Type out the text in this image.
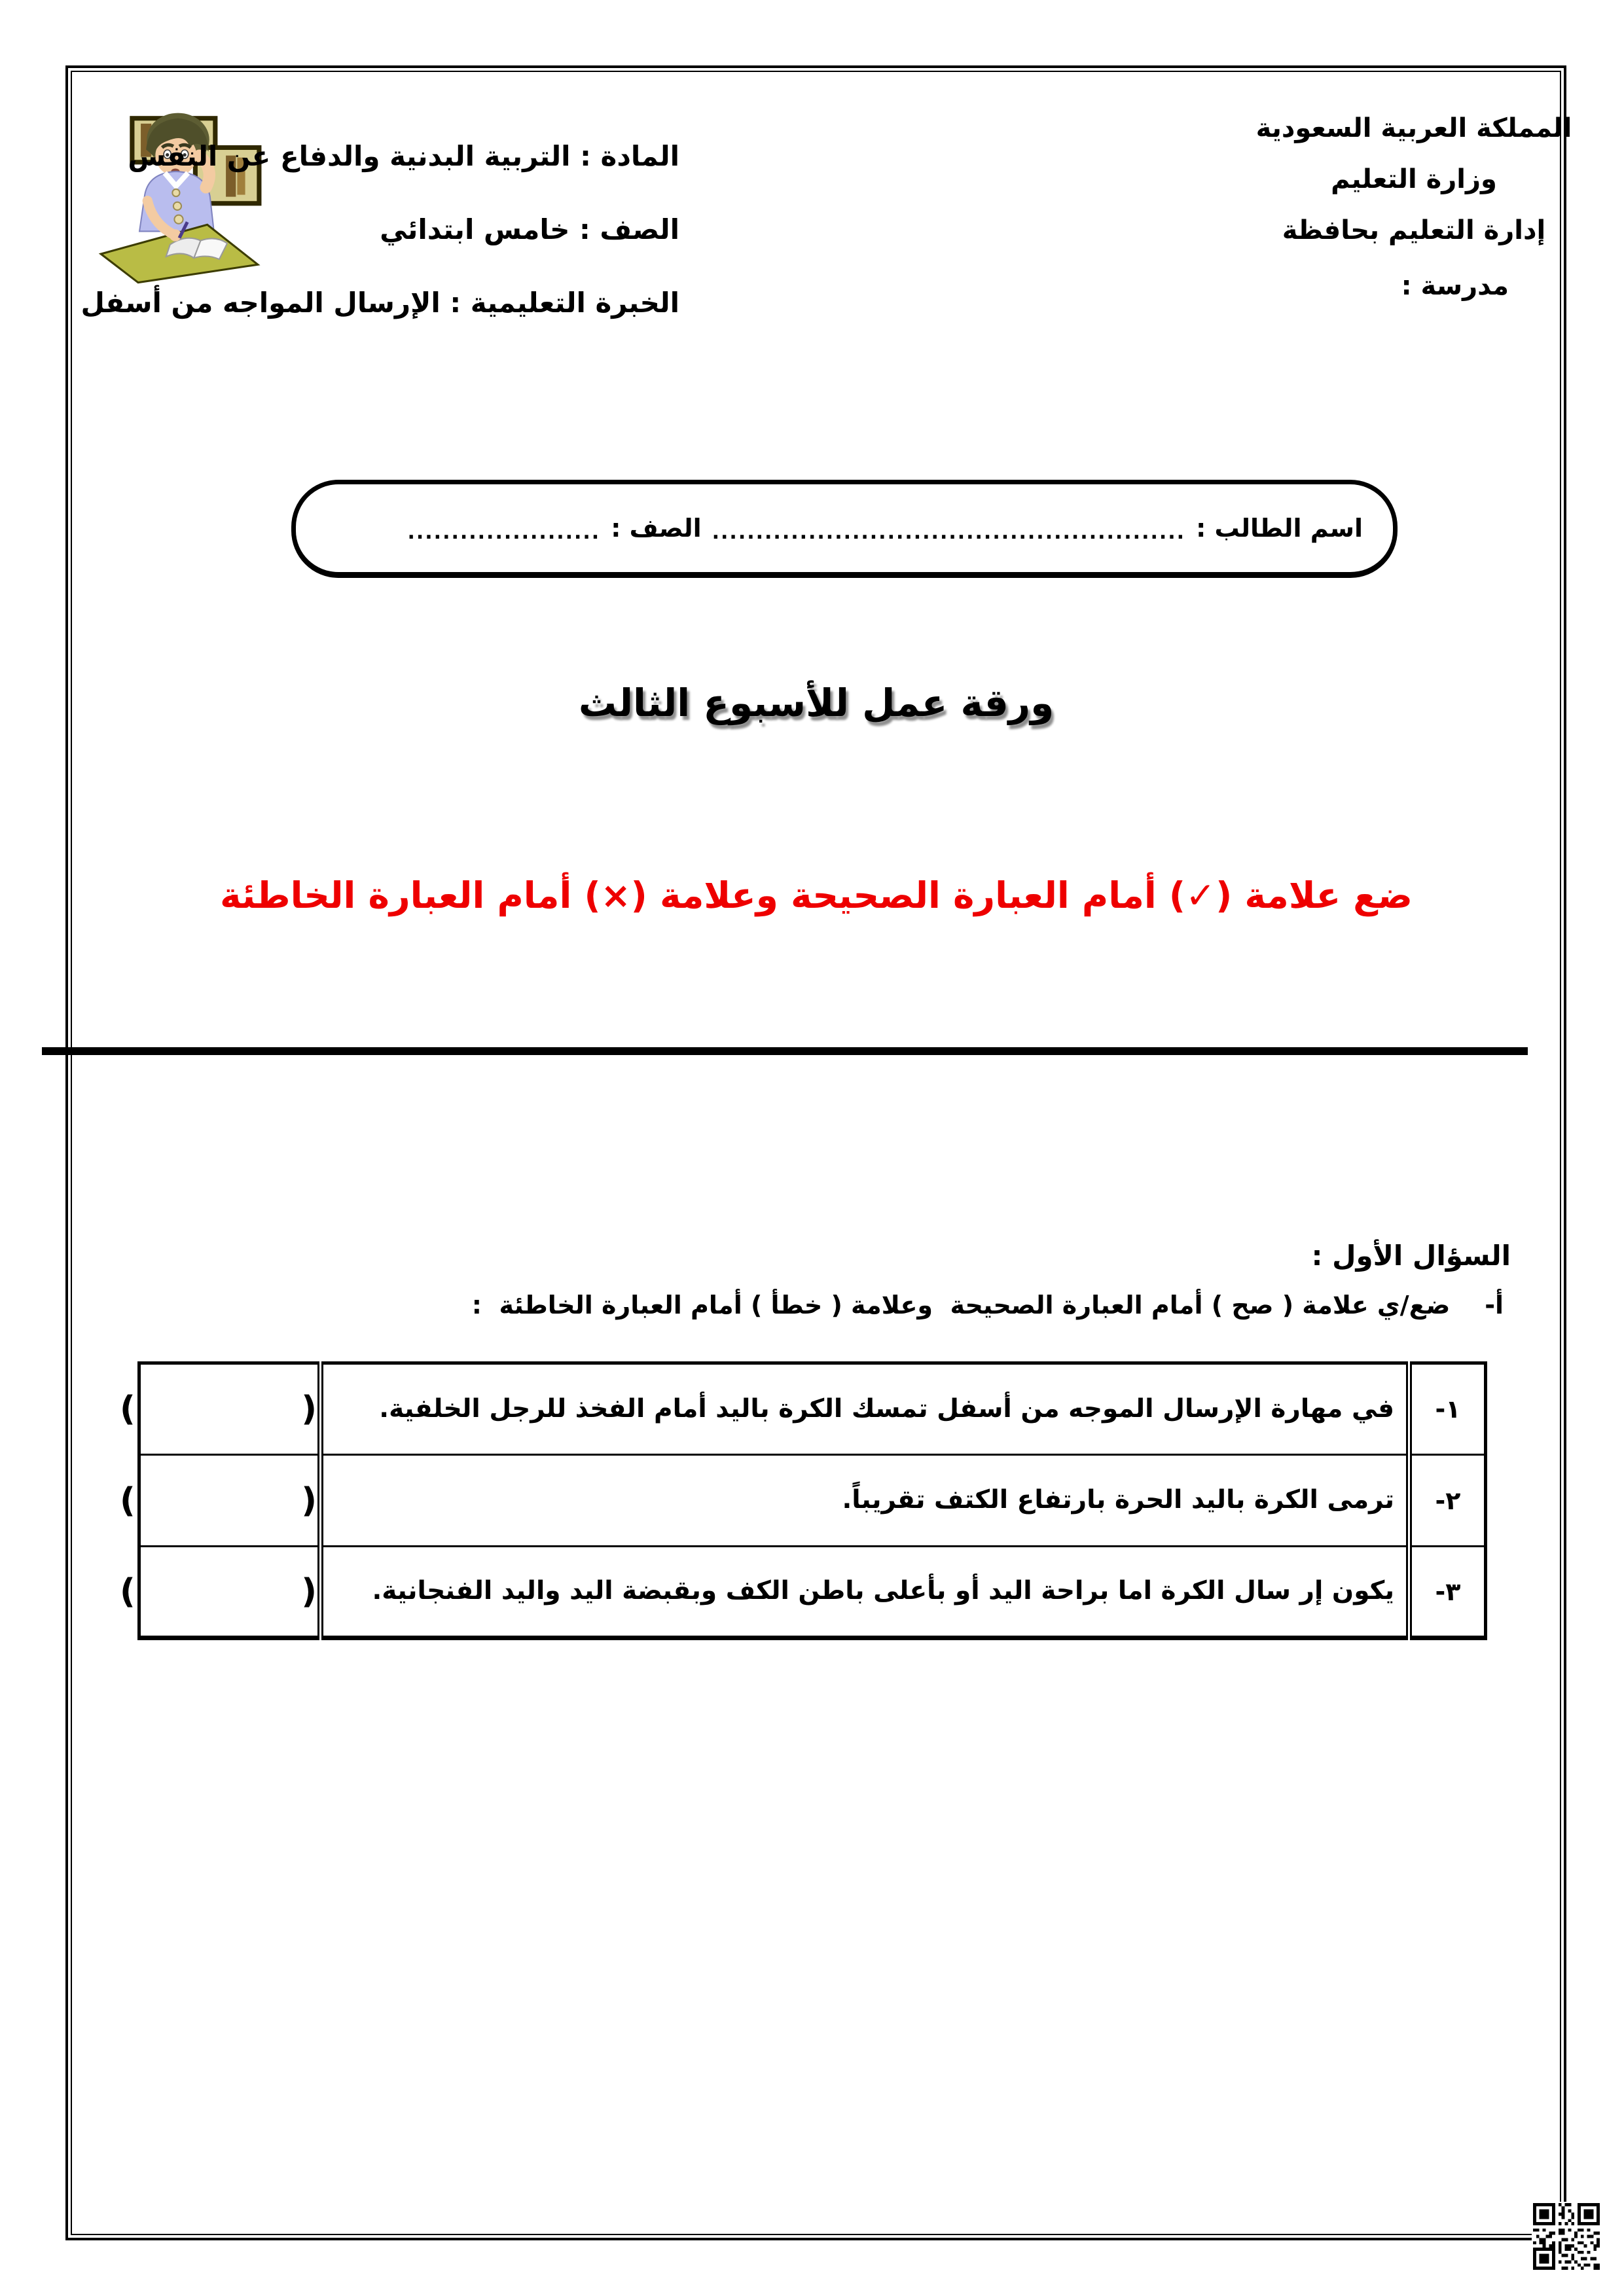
المادة : التربية البدنية والدفاع عن النفس
الصف : خامس ابتدائي
الخبرة التعليمية : الإرسال المواجه من أسفل
المملكة العربية السعودية
وزارة التعليم
إدارة التعليم بحافظة
مدرسة :
اسم الطالب :
......................................................
الصف :
......................
ورقة عمل للأسبوع الثالث
ضع علامة (✓) أمام العبارة الصحيحة وعلامة (×) أمام العبارة الخاطئة
السؤال الأول :
أ-    ضع/ي علامة ( صح ) أمام العبارة الصحيحة  وعلامة ( خطأ ) أمام العبارة الخاطئة  :
١-	في مهارة الإرسال الموجه من أسفل تمسك الكرة باليد أمام الفخذ للرجل الخلفية.	(              )
٢-	ترمى الكرة باليد الحرة بارتفاع الكتف تقريباً.	(              )
٣-	يكون إر سال الكرة اما براحة اليد أو بأعلى باطن الكف وبقبضة اليد واليد الفنجانية.	(              )
